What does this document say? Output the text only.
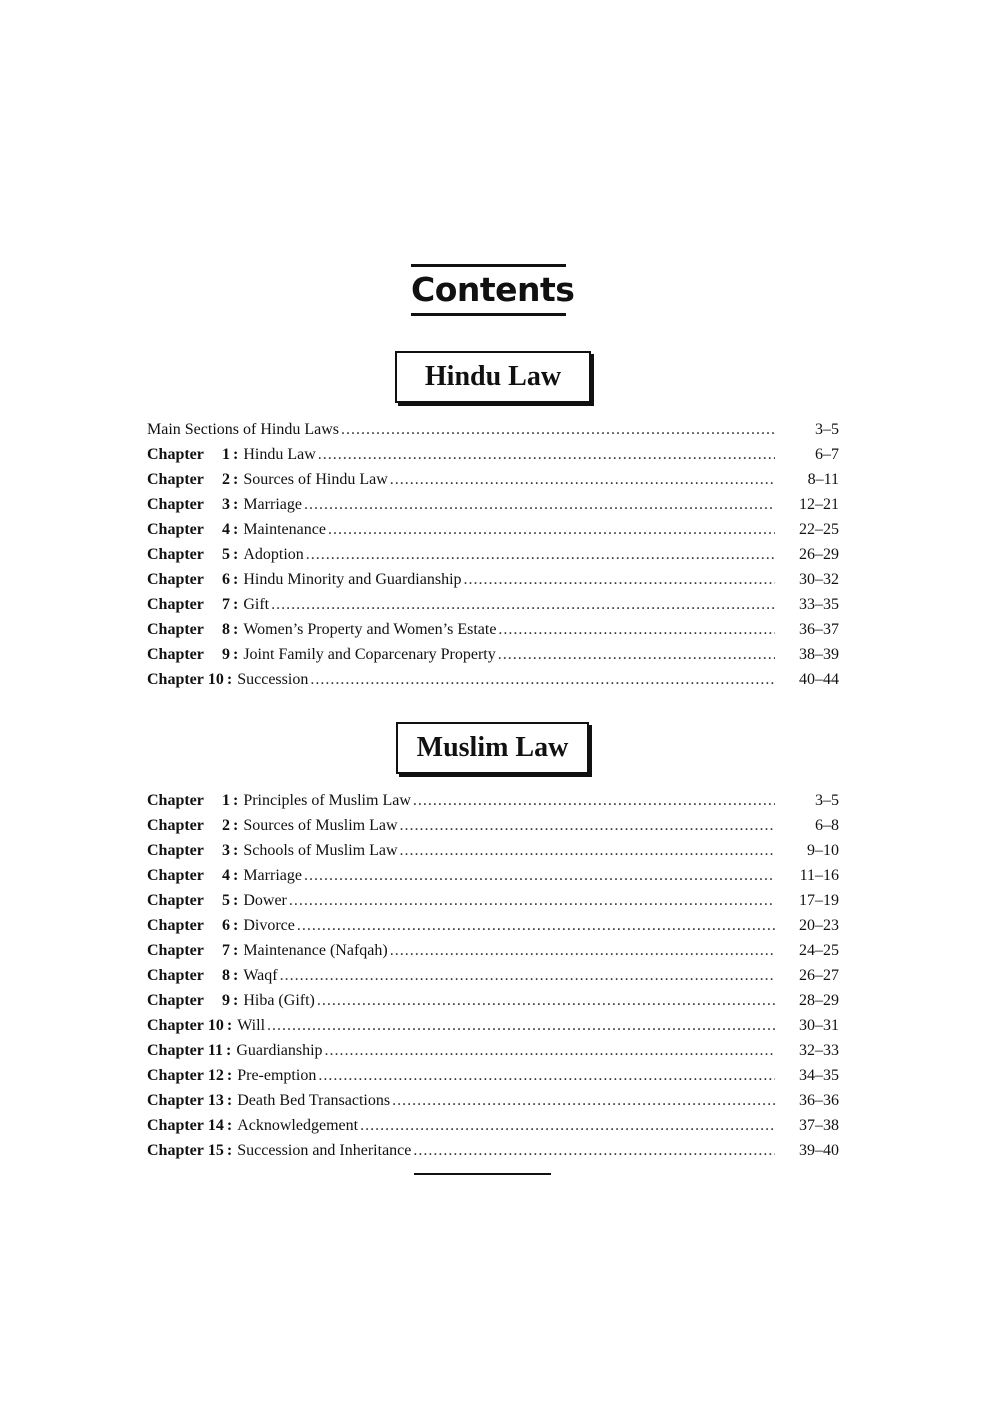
Contents
Hindu Law
Main Sections of Hindu Laws .....	3–5
Chapter 1 : Hindu Law .....	6–7
Chapter 2 : Sources of Hindu Law .....	8–11
Chapter 3 : Marriage .....	12–21
Chapter 4 : Maintenance .....	22–25
Chapter 5 : Adoption .....	26–29
Chapter 6 : Hindu Minority and Guardianship .....	30–32
Chapter 7 : Gift .....	33–35
Chapter 8 : Women’s Property and Women’s Estate .....	36–37
Chapter 9 : Joint Family and Coparcenary Property .....	38–39
Chapter 10 : Succession .....	40–44
Muslim Law
Chapter 1 : Principles of Muslim Law .....	3–5
Chapter 2 : Sources of Muslim Law .....	6–8
Chapter 3 : Schools of Muslim Law .....	9–10
Chapter 4 : Marriage .....	11–16
Chapter 5 : Dower .....	17–19
Chapter 6 : Divorce .....	20–23
Chapter 7 : Maintenance (Nafqah) .....	24–25
Chapter 8 : Waqf .....	26–27
Chapter 9 : Hiba (Gift) .....	28–29
Chapter 10 : Will .....	30–31
Chapter 11 : Guardianship .....	32–33
Chapter 12 : Pre-emption .....	34–35
Chapter 13 : Death Bed Transactions .....	36–36
Chapter 14 : Acknowledgement .....	37–38
Chapter 15 : Succession and Inheritance .....	39–40
